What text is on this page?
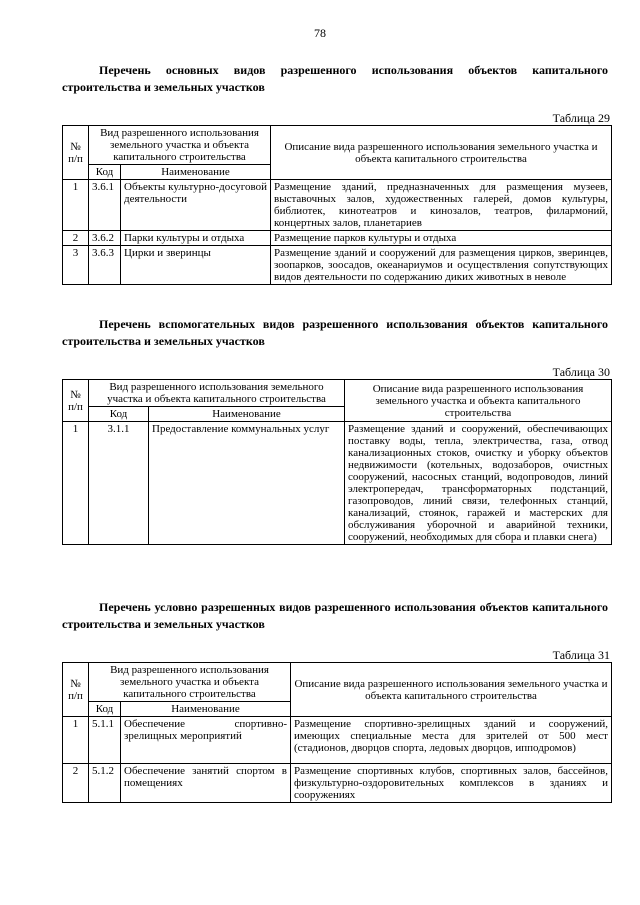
78
Перечень основных видов разрешенного использования объектов капитального строительства и земельных участков
Таблица 29
№ п/п	Вид разрешенного использования земельного участка и объекта капитального строительства		Описание вида разрешенного использования земельного участка и объекта капитального строительства
	Код	Наименование	
1	3.6.1	Объекты культурно-досуговой деятельности	Размещение зданий, предназначенных для размещения музеев, выставочных залов, художественных галерей, домов культуры, библиотек, кинотеатров и кинозалов, театров, филармоний, концертных залов, планетариев
2	3.6.2	Парки культуры и отдыха	Размещение парков культуры и отдыха
3	3.6.3	Цирки и зверинцы	Размещение зданий и сооружений для размещения цирков, зверинцев, зоопарков, зоосадов, океанариумов и осуществления сопутствующих видов деятельности по содержанию диких животных в неволе
Перечень вспомогательных видов разрешенного использования объектов капитального строительства и земельных участков
Таблица 30
№ п/п	Вид разрешенного использования земельного участка и объекта капитального строительства		Описание вида разрешенного использования земельного участка и объекта капитального строительства
	Код	Наименование	
1	3.1.1	Предоставление коммунальных услуг	Размещение зданий и сооружений, обеспечивающих поставку воды, тепла, электричества, газа, отвод канализационных стоков, очистку и уборку объектов недвижимости (котельных, водозаборов, очистных сооружений, насосных станций, водопроводов, линий электропередач, трансформаторных подстанций, газопроводов, линий связи, телефонных станций, канализаций, стоянок, гаражей и мастерских для обслуживания уборочной и аварийной техники, сооружений, необходимых для сбора и плавки снега)
Перечень условно разрешенных видов разрешенного использования объектов капитального строительства и земельных участков
Таблица 31
№ п/п	Вид разрешенного использования земельного участка и объекта капитального строительства		Описание вида разрешенного использования земельного участка и объекта капитального строительства
	Код	Наименование	
1	5.1.1	Обеспечение спортивно-зрелищных мероприятий	Размещение спортивно-зрелищных зданий и сооружений, имеющих специальные места для зрителей от 500 мест (стадионов, дворцов спорта, ледовых дворцов, ипподромов)
2	5.1.2	Обеспечение занятий спортом в помещениях	Размещение спортивных клубов, спортивных залов, бассейнов, физкультурно-оздоровительных комплексов в зданиях и сооружениях
